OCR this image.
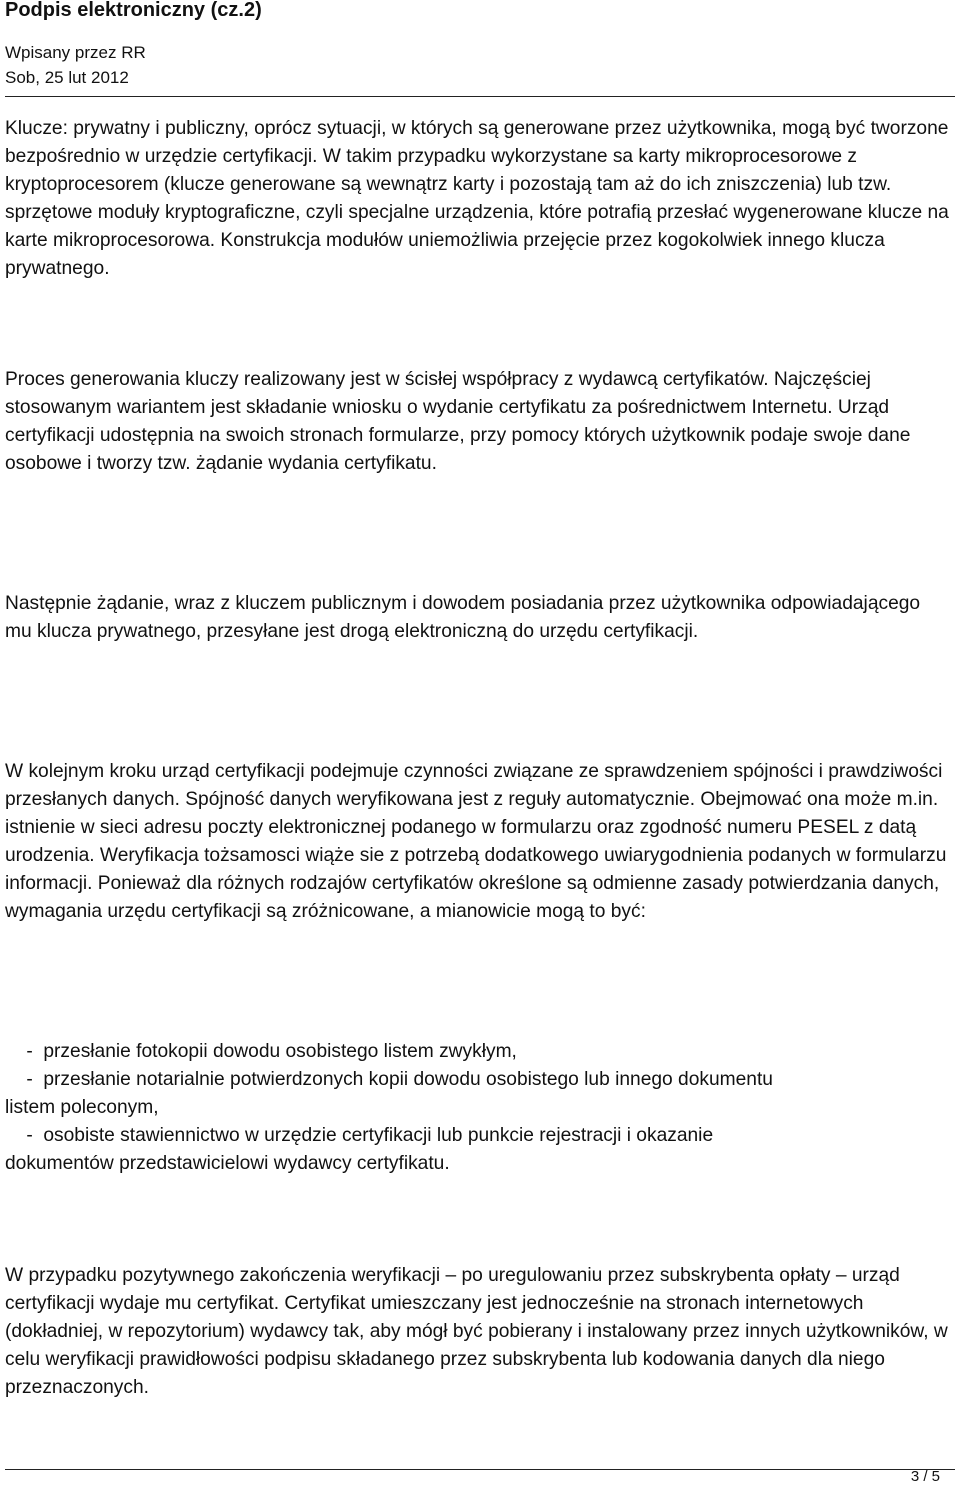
Podpis elektroniczny (cz.2)
Wpisany przez RR
Sob, 25 lut 2012

Klucze: prywatny i publiczny, oprócz sytuacji, w których są generowane przez użytkownika, mogą być tworzone bezpośrednio w urzędzie certyfikacji. W takim przypadku wykorzystane sa karty mikroprocesorowe z kryptoprocesorem (klucze generowane są wewnątrz karty i pozostają tam aż do ich zniszczenia) lub tzw. sprzętowe moduły kryptograficzne, czyli specjalne urządzenia, które potrafią przesłać wygenerowane klucze na karte mikroprocesorowa. Konstrukcja modułów uniemożliwia przejęcie przez kogokolwiek innego klucza prywatnego.

Proces generowania kluczy realizowany jest w ścisłej współpracy z wydawcą certyfikatów. Najczęściej stosowanym wariantem jest składanie wniosku o wydanie certyfikatu za pośrednictwem Internetu. Urząd certyfikacji udostępnia na swoich stronach formularze, przy pomocy których użytkownik podaje swoje dane osobowe i tworzy tzw. żądanie wydania certyfikatu.

Następnie żądanie, wraz z kluczem publicznym i dowodem posiadania przez użytkownika odpowiadającego mu klucza prywatnego, przesyłane jest drogą elektroniczną do urzędu certyfikacji.

W kolejnym kroku urząd certyfikacji podejmuje czynności związane ze sprawdzeniem spójności i prawdziwości przesłanych danych. Spójność danych weryfikowana jest z reguły automatycznie. Obejmować ona może m.in. istnienie w sieci adresu poczty elektronicznej podanego w formularzu oraz zgodność numeru PESEL z datą urodzenia. Weryfikacja tożsamosci wiąże sie z potrzebą dodatkowego uwiarygodnienia podanych w formularzu informacji. Ponieważ dla różnych rodzajów certyfikatów określone są odmienne zasady potwierdzania danych, wymagania urzędu certyfikacji są zróżnicowane, a mianowicie mogą to być:

-  przesłanie fotokopii dowodu osobistego listem zwykłym,
-  przesłanie notarialnie potwierdzonych kopii dowodu osobistego lub innego dokumentu
listem poleconym,
-  osobiste stawiennictwo w urzędzie certyfikacji lub punkcie rejestracji i okazanie
dokumentów przedstawicielowi wydawcy certyfikatu.

W przypadku pozytywnego zakończenia weryfikacji – po uregulowaniu przez subskrybenta opłaty – urząd certyfikacji wydaje mu certyfikat. Certyfikat umieszczany jest jednocześnie na stronach internetowych (dokładniej, w repozytorium) wydawcy tak, aby mógł być pobierany i instalowany przez innych użytkowników, w celu weryfikacji prawidłowości podpisu składanego przez subskrybenta lub kodowania danych dla niego przeznaczonych.

3 / 5
